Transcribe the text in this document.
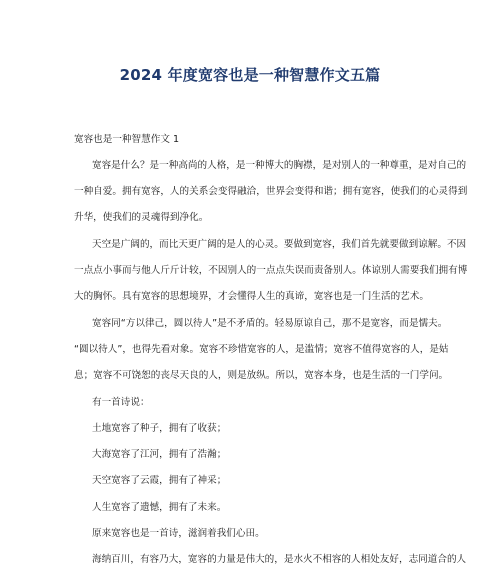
2024 年度宽容也是一种智慧作文五篇
宽容也是一种智慧作文 1
宽容是什么？是一种高尚的人格，是一种博大的胸襟，是对别人的一种尊重，是对自己的
一种自爱。拥有宽容，人的关系会变得融洽，世界会变得和谐；拥有宽容，使我们的心灵得到
升华，使我们的灵魂得到净化。
天空是广阔的，而比天更广阔的是人的心灵。要做到宽容，我们首先就要做到谅解。不因
一点点小事而与他人斤斤计较，不因别人的一点点失误而责备别人。体谅别人需要我们拥有博
大的胸怀。具有宽容的思想境界，才会懂得人生的真谛，宽容也是一门生活的艺术。
宽容同“方以律己，圆以待人”是不矛盾的。轻易原谅自己，那不是宽容，而是懦夫。
“圆以待人”，也得先看对象。宽容不珍惜宽容的人，是滥情；宽容不值得宽容的人，是姑
息；宽容不可饶恕的丧尽天良的人，则是放纵。所以，宽容本身，也是生活的一门学问。
有一首诗说：
土地宽容了种子，拥有了收获；
大海宽容了江河，拥有了浩瀚；
天空宽容了云霞，拥有了神采；
人生宽容了遗憾，拥有了未来。
原来宽容也是一首诗，滋润着我们心田。
海纳百川，有容乃大，宽容的力量是伟大的，是水火不相容的人相处友好，志同道合的人
